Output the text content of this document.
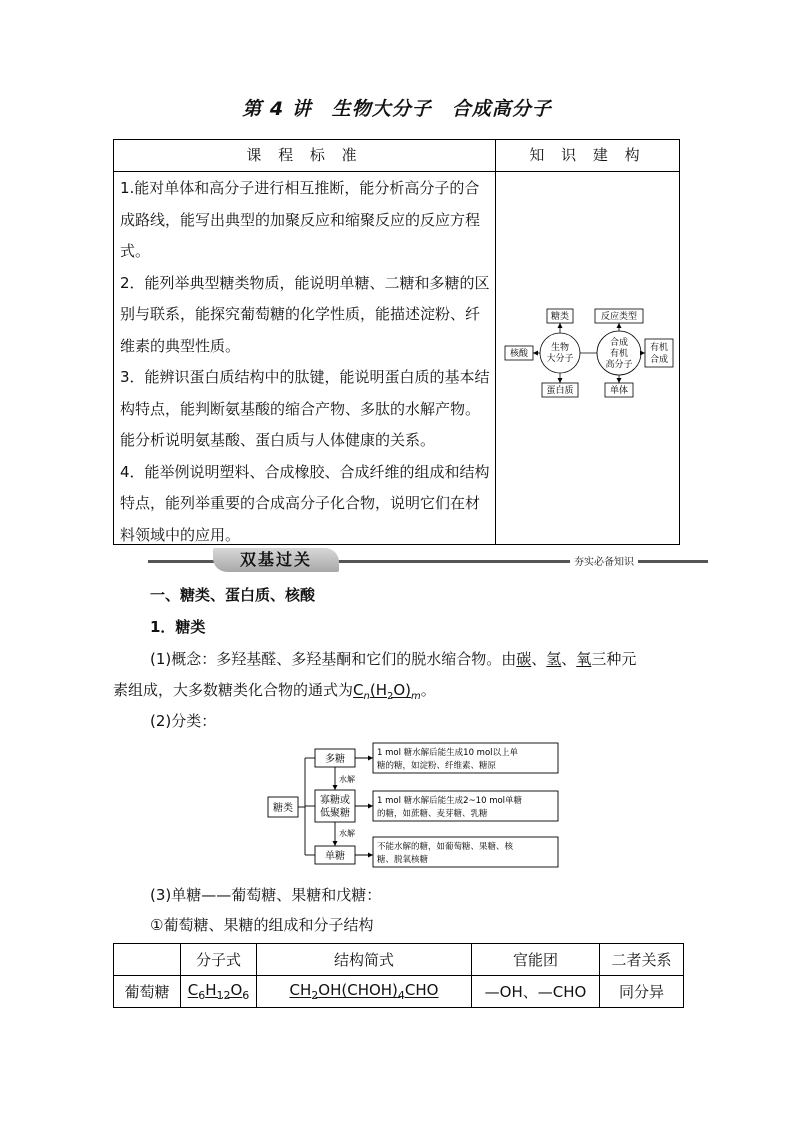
第 4 讲　生物大分子　合成高分子
课 程 标 准	知 识 建 构

1.能对单体和高分子进行相互推断，能分析高分子的合成路线，能写出典型的加聚反应和缩聚反应的反应方程式。

2．能列举典型糖类物质，能说明单糖、二糖和多糖的区别与联系，能探究葡萄糖的化学性质，能描述淀粉、纤维素的典型性质。

3．能辨识蛋白质结构中的肽键，能说明蛋白质的基本结构特点，能判断氨基酸的缩合产物、多肽的水解产物。能分析说明氨基酸、蛋白质与人体健康的关系。

4．能举例说明塑料、合成橡胶、合成纤维的组成和结构特点，能列举重要的合成高分子化合物，说明它们在材料领域中的应用。

生物
大分子
合成
有机
高分子
糖类
核酸
蛋白质
反应类型
有机
合成
单体
双基过关	夯实必备知识
一、糖类、蛋白质、核酸
1．糖类
(1)概念：多羟基醛、多羟基酮和它们的脱水缩合物。由碳、氢、氧三种元
素组成，大多数糖类化合物的通式为$C_n(H_2O)_m$。
(2)分类：
糖类
多糖
寡糖或
低聚糖
单糖
水解
水解
1 mol 糖水解后能生成10 mol以上单
糖的糖，如淀粉、纤维素、糖原
1 mol 糖水解后能生成2~10 mol单糖
的糖，如蔗糖、麦芽糖、乳糖
不能水解的糖，如葡萄糖、果糖、核
糖、脱氧核糖
(3)单糖——葡萄糖、果糖和戊糖：
①葡萄糖、果糖的组成和分子结构
	分子式	结构简式	官能团	二者关系
葡萄糖	$C_6H_{12}O_6$	$CH_2OH(CHOH)_4CHO$	—OH、—CHO	同分异
